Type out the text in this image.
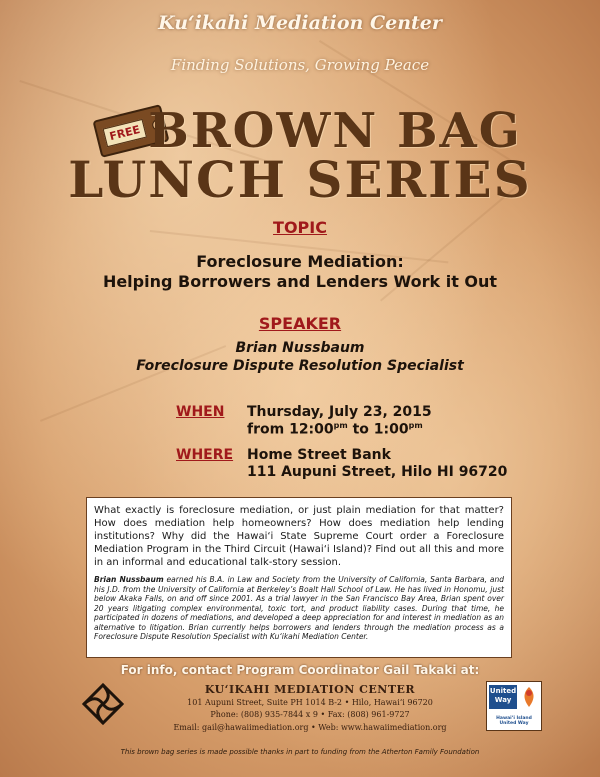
Ku‘ikahi Mediation Center
Finding Solutions, Growing Peace
FREE BROWN BAG
LUNCH SERIES
TOPIC
Foreclosure Mediation:
Helping Borrowers and Lenders Work it Out
SPEAKER
Brian Nussbaum
Foreclosure Dispute Resolution Specialist
WHEN Thursday, July 23, 2015
from $12:00^{pm}$ to $1:00^{pm}$
WHERE Home Street Bank
111 Aupuni Street, Hilo HI 96720

What exactly is foreclosure mediation, or just plain mediation for that matter? How does mediation help homeowners? How does mediation help lending institutions? Why did the Hawai‘i State Supreme Court order a Foreclosure Mediation Program in the Third Circuit (Hawai‘i Island)? Find out all this and more in an informal and educational talk-story session.

Brian Nussbaum earned his B.A. in Law and Society from the University of California, Santa Barbara, and his J.D. from the University of California at Berkeley’s Boalt Hall School of Law. He has lived in Honomu, just below Akaka Falls, on and off since 2001. As a trial lawyer in the San Francisco Bay Area, Brian spent over 20 years litigating complex environmental, toxic tort, and product liability cases. During that time, he participated in dozens of mediations, and developed a deep appreciation for and interest in mediation as an alternative to litigation. Brian currently helps borrowers and lenders through the mediation process as a Foreclosure Dispute Resolution Specialist with Ku‘ikahi Mediation Center.

For info, contact Program Coordinator Gail Takaki at:
KU‘IKAHI MEDIATION CENTER
101 Aupuni Street, Suite PH 1014 B-2 • Hilo, Hawai‘i 96720
Phone: (808) 935-7844 x 9 • Fax: (808) 961-9727
Email: gail@hawaiimediation.org • Web: www.hawaiimediation.org
United
Way
Hawai‘i Island United Way
This brown bag series is made possible thanks in part to funding from the Atherton Family Foundation
